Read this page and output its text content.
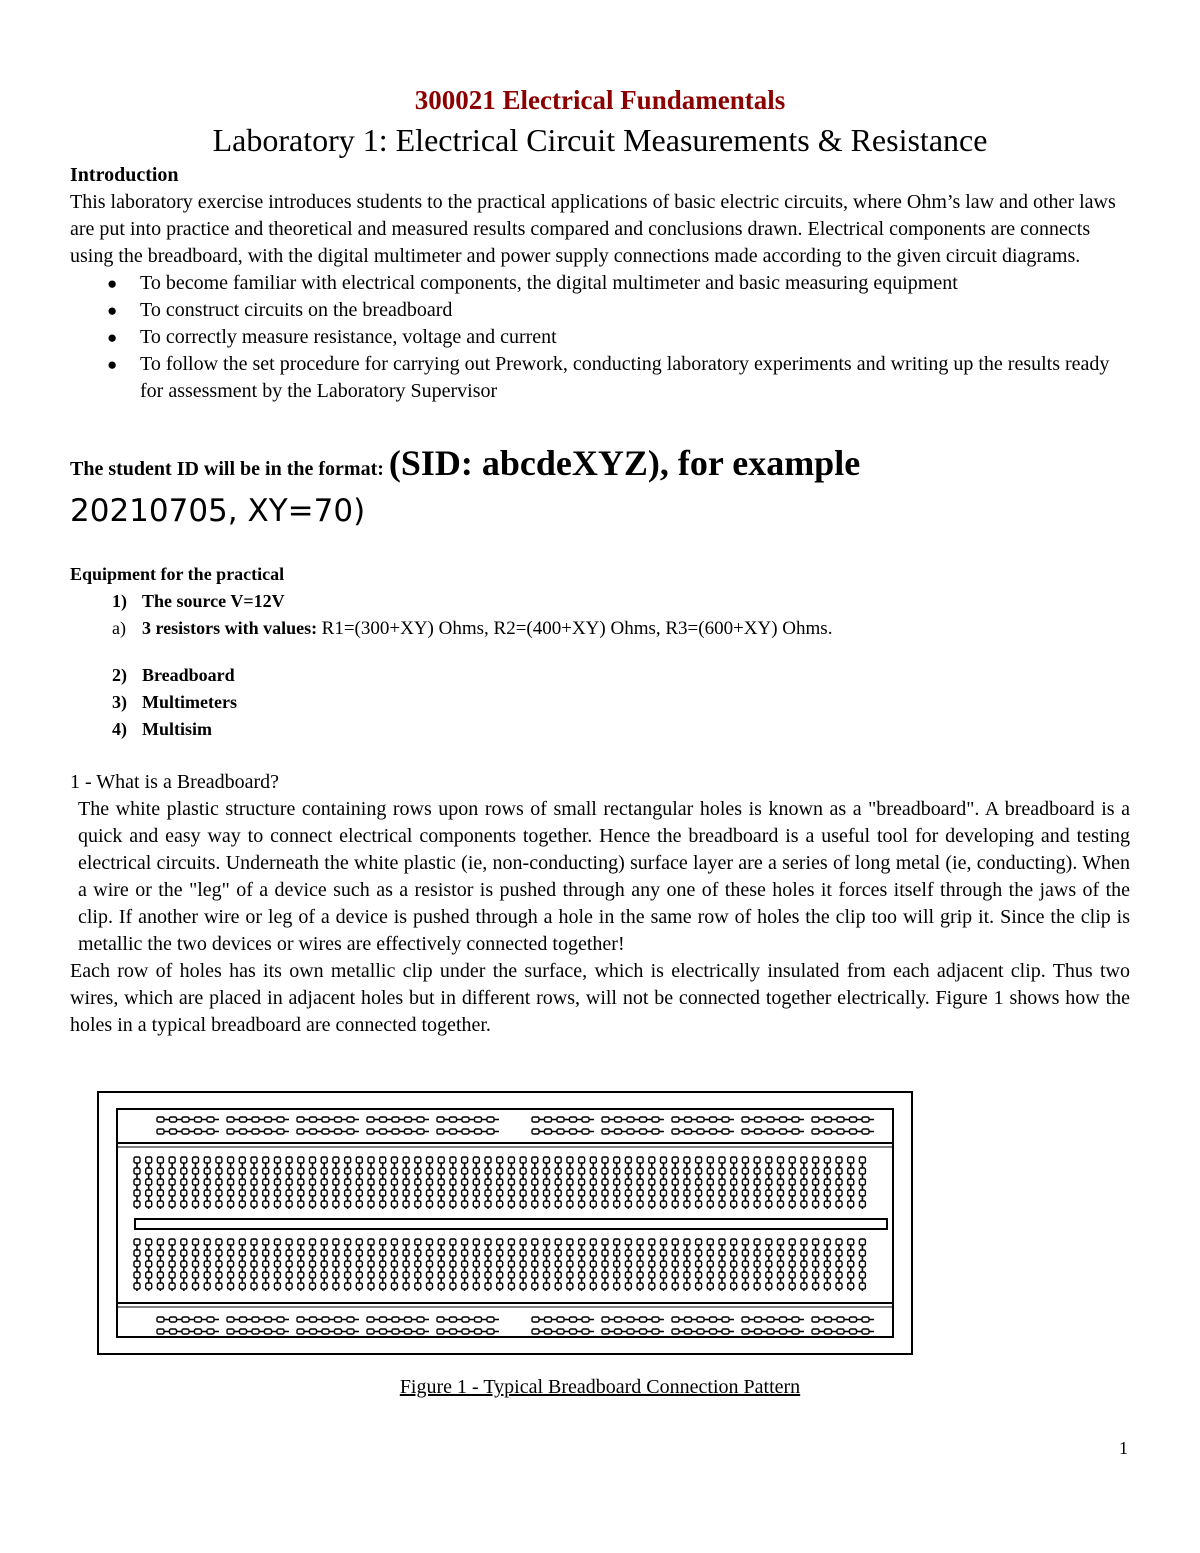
300021 Electrical Fundamentals
Laboratory 1: Electrical Circuit Measurements & Resistance
Introduction

This laboratory exercise introduces students to the practical applications of basic electric circuits, where Ohm’s law and other laws are put into practice and theoretical and measured results compared and conclusions drawn. Electrical components are connects using the breadboard, with the digital multimeter and power supply connections made according to the given circuit diagrams.

● To become familiar with electrical components, the digital multimeter and basic measuring equipment
● To construct circuits on the breadboard
● To correctly measure resistance, voltage and current
● To follow the set procedure for carrying out Prework, conducting laboratory experiments and writing up the results ready for assessment by the Laboratory Supervisor
The student ID will be in the format: (SID: abcdeXYZ), for example

20210705, XY=70)

Equipment for the practical
1) The source V=12V
a) 3 resistors with values: R1=(300+XY) Ohms, R2=(400+XY) Ohms, R3=(600+XY) Ohms.
2) Breadboard
3) Multimeters
4) Multisim
1 - What is a Breadboard?

The white plastic structure containing rows upon rows of small rectangular holes is known as a "breadboard". A breadboard is a quick and easy way to connect electrical components together. Hence the breadboard is a useful tool for developing and testing electrical circuits. Underneath the white plastic (ie, non-conducting) surface layer are a series of long metal (ie, conducting). When a wire or the "leg" of a device such as a resistor is pushed through any one of these holes it forces itself through the jaws of the clip. If another wire or leg of a device is pushed through a hole in the same row of holes the clip too will grip it. Since the clip is metallic the two devices or wires are effectively connected together!

Each row of holes has its own metallic clip under the surface, which is electrically insulated from each adjacent clip. Thus two wires, which are placed in adjacent holes but in different rows, will not be connected together electrically. Figure 1 shows how the holes in a typical breadboard are connected together.

Figure 1 - Typical Breadboard Connection Pattern
1
